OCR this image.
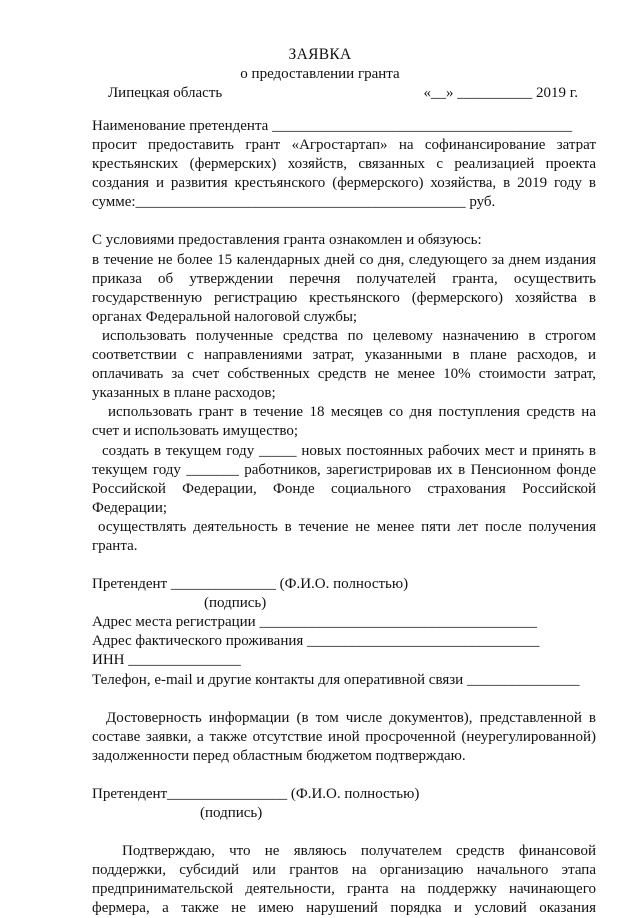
ЗАЯВКА
о предоставлении гранта
Липецкая область	«__» __________ 2019 г.

Наименование претендента ________________________________________

просит предоставить грант «Агростартап» на софинансирование затрат

крестьянских (фермерских) хозяйств, связанных с реализацией проекта

создания и развития крестьянского (фермерского) хозяйства, в 2019 году в

сумме:____________________________________________ руб.

С условиями предоставления гранта ознакомлен и обязуюсь:

в течение не более 15 календарных дней со дня, следующего за днем издания

приказа об утверждении перечня получателей гранта, осуществить

государственную регистрацию крестьянского (фермерского) хозяйства в

органах Федеральной налоговой службы;

использовать полученные средства по целевому назначению в строгом

соответствии с направлениями затрат, указанными в плане расходов, и

оплачивать за счет собственных средств не менее 10% стоимости затрат,

указанных в плане расходов;

использовать грант в течение 18 месяцев со дня поступления средств на

счет и использовать имущество;

создать в текущем году _____ новых постоянных рабочих мест и принять в

текущем году _______ работников, зарегистрировав их в Пенсионном фонде

Российской Федерации, Фонде социального страхования Российской

Федерации;

осуществлять деятельность в течение не менее пяти лет после получения

гранта.

Претендент ______________ (Ф.И.О. полностью)

(подпись)

Адрес места регистрации _____________________________________

Адрес фактического проживания _______________________________

ИНН _______________

Телефон, e-mail и другие контакты для оперативной связи _______________

Достоверность информации (в том числе документов), представленной в

составе заявки, а также отсутствие иной просроченной (неурегулированной)

задолженности перед областным бюджетом подтверждаю.

Претендент________________ (Ф.И.О. полностью)

(подпись)

Подтверждаю, что не являюсь получателем средств финансовой

поддержки, субсидий или грантов на организацию начального этапа

предпринимательской деятельности, гранта на поддержку начинающего

фермера, а также не имею нарушений порядка и условий оказания
